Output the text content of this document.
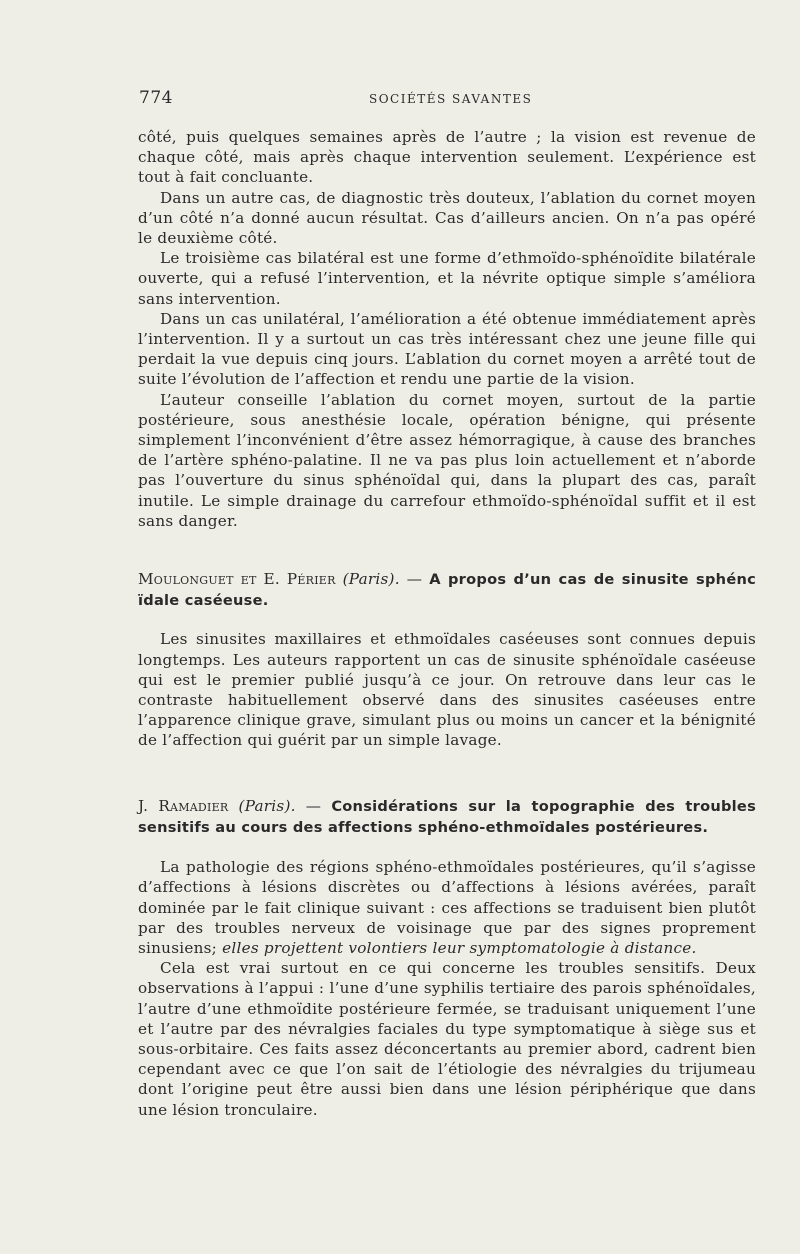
774	SOCIÉTÉS SAVANTES

côté, puis quelques semaines après de l’autre ; la vision est revenue de chaque côté, mais après chaque intervention seulement. L’expérience est tout à fait concluante.

Dans un autre cas, de diagnostic très douteux, l’ablation du cornet moyen d’un côté n’a donné aucun résultat. Cas d’ailleurs ancien. On n’a pas opéré le deuxième côté.

Le troisième cas bilatéral est une forme d’ethmoïdo-sphénoïdite bilatérale ouverte, qui a refusé l’intervention, et la névrite optique simple s’améliora sans intervention.

Dans un cas unilatéral, l’amélioration a été obtenue immédiatement après l’intervention. Il y a surtout un cas très intéressant chez une jeune fille qui perdait la vue depuis cinq jours. L’ablation du cornet moyen a arrêté tout de suite l’évolution de l’affection et rendu une partie de la vision.

L’auteur conseille l’ablation du cornet moyen, surtout de la partie postérieure, sous anesthésie locale, opération bénigne, qui présente simplement l’inconvénient d’être assez hémorragique, à cause des branches de l’artère sphéno-palatine. Il ne va pas plus loin actuellement et n’aborde pas l’ouverture du sinus sphénoïdal qui, dans la plupart des cas, paraît inutile. Le simple drainage du carrefour ethmoïdo-sphénoïdal suffit et il est sans danger.

Moulonguet et E. Périer (Paris). — A propos d’un cas de sinusite sphénc ïdale caséeuse.

Les sinusites maxillaires et ethmoïdales caséeuses sont connues depuis longtemps. Les auteurs rapportent un cas de sinusite sphénoïdale caséeuse qui est le premier publié jusqu’à ce jour. On retrouve dans leur cas le contraste habituellement observé dans des sinusites caséeuses entre l’apparence clinique grave, simulant plus ou moins un cancer et la bénignité de l’affection qui guérit par un simple lavage.

J. Ramadier (Paris). — Considérations sur la topographie des troubles sensitifs au cours des affections sphéno-ethmoïdales postérieures.

La pathologie des régions sphéno-ethmoïdales postérieures, qu’il s’agisse d’affections à lésions discrètes ou d’affections à lésions avérées, paraît dominée par le fait clinique suivant : ces affections se traduisent bien plutôt par des troubles nerveux de voisinage que par des signes proprement sinusiens; elles projettent volontiers leur symptomatologie à distance.

Cela est vrai surtout en ce qui concerne les troubles sensitifs. Deux observations à l’appui : l’une d’une syphilis tertiaire des parois sphénoïdales, l’autre d’une ethmoïdite postérieure fermée, se traduisant uniquement l’une et l’autre par des névralgies faciales du type symptomatique à siège sus et sous-orbitaire. Ces faits assez déconcertants au premier abord, cadrent bien cependant avec ce que l’on sait de l’étiologie des névralgies du trijumeau dont l’origine peut être aussi bien dans une lésion périphérique que dans une lésion tronculaire.
